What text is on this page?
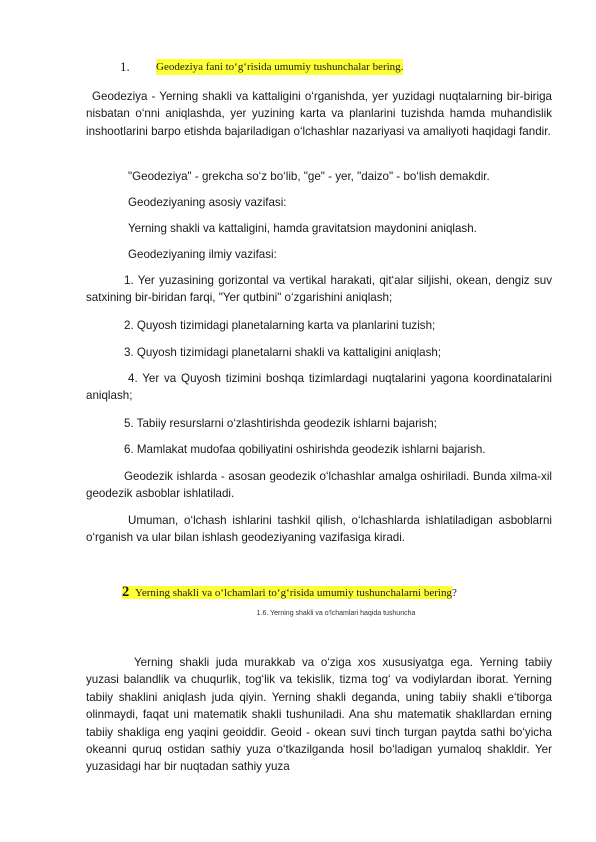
1. Geodeziya fani to‘g‘risida umumiy tushunchalar bering.

Geodeziya - Yerning shakli va kattaligini o‘rganishda, yer yuzidagi nuqtalarning bir-biriga nisbatan o‘nni aniqlashda, yer yuzining karta va planlarini tuzishda hamda muhandislik inshootlarini barpo etishda bajariladigan o‘lchashlar nazariyasi va amaliyoti haqidagi fandir.

"Geodeziya" - grekcha so‘z bo‘lib, "ge" - yer, "daizo" - bo‘lish demakdir.

Geodeziyaning asosiy vazifasi:

Yerning shakli va kattaligini, hamda gravitatsion maydonini aniqlash.

Geodeziyaning ilmiy vazifasi:

1. Yer yuzasining gorizontal va vertikal harakati, qit‘alar siljishi, okean, dengiz suv satxining bir-biridan farqi, "Yer qutbini" o‘zgarishini aniqlash;

2. Quyosh tizimidagi planetalarning karta va planlarini tuzish;

3. Quyosh tizimidagi planetalarni shakli va kattaligini aniqlash;

4. Yer va Quyosh tizimini boshqa tizimlardagi nuqtalarini yagona koordinatalarini aniqlash;

5. Tabiiy resurslarni o‘zlashtirishda geodezik ishlarni bajarish;

6. Mamlakat mudofaa qobiliyatini oshirishda geodezik ishlarni bajarish.

Geodezik ishlarda - asosan geodezik o‘lchashlar amalga oshiriladi. Bunda xilma-xil geodezik asboblar ishlatiladi.

Umuman, o‘lchash ishlarini tashkil qilish, o‘lchashlarda ishlatiladigan asboblarni o‘rganish va ular bilan ishlash geodeziyaning vazifasiga kiradi.

2 Yerning shakli va o‘lchamlari to‘g‘risida umumiy tushunchalarni bering?
1.6. Yerning shakli va o‘lchamlari haqida tushuncha

Yerning shakli juda murakkab va o‘ziga xos xususiyatga ega. Yerning tabiiy yuzasi balandlik va chuqurlik, tog‘lik va tekislik, tizma tog‘ va vodiylardan iborat. Yerning tabiiy shaklini aniqlash juda qiyin. Yerning shakli deganda, uning tabiiy shakli e‘tiborga olinmaydi, faqat uni matematik shakli tushuniladi. Ana shu matematik shakllardan erning tabiiy shakliga eng yaqini geoiddir. Geoid - okean suvi tinch turgan paytda sathi bo‘yicha okeanni quruq ostidan sathiy yuza o‘tkazilganda hosil bo‘ladigan yumaloq shakldir. Yer yuzasidagi har bir nuqtadan sathiy yuza
